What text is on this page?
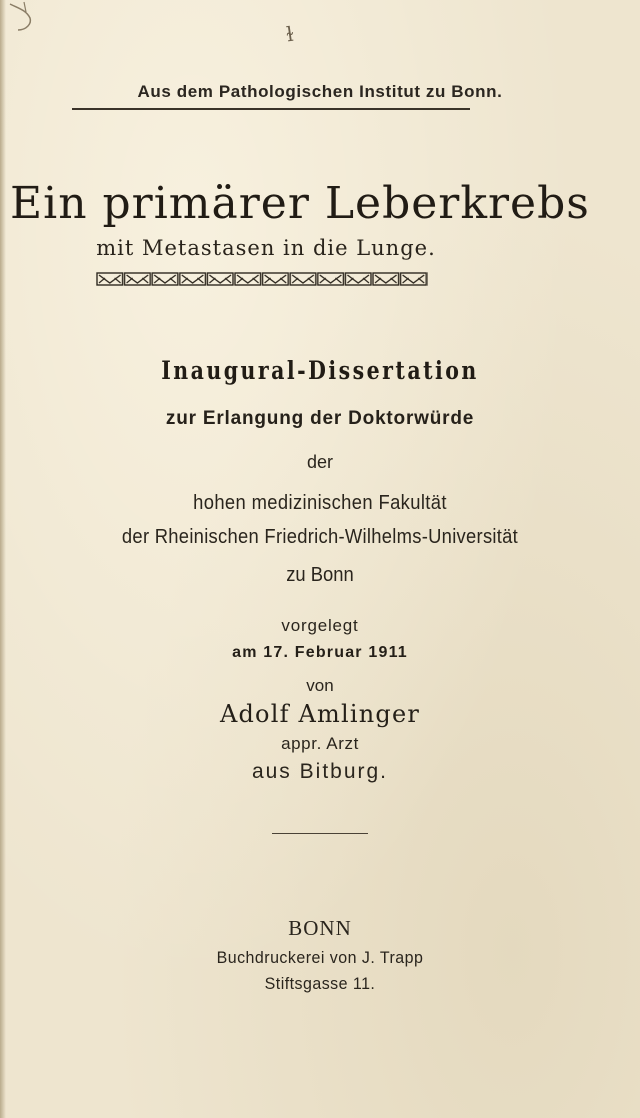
ɫ
Aus dem Pathologischen Institut zu Bonn.
Ein primärer Leberkrebs
mit Metastasen in die Lunge.
Inaugural-Dissertation
zur Erlangung der Doktorwürde
der
hohen medizinischen Fakultät
der Rheinischen Friedrich-Wilhelms-Universität
zu Bonn
vorgelegt
am 17. Februar 1911
von
Adolf Amlinger
appr. Arzt
aus Bitburg.
BONN
Buchdruckerei von J. Trapp
Stiftsgasse 11.
